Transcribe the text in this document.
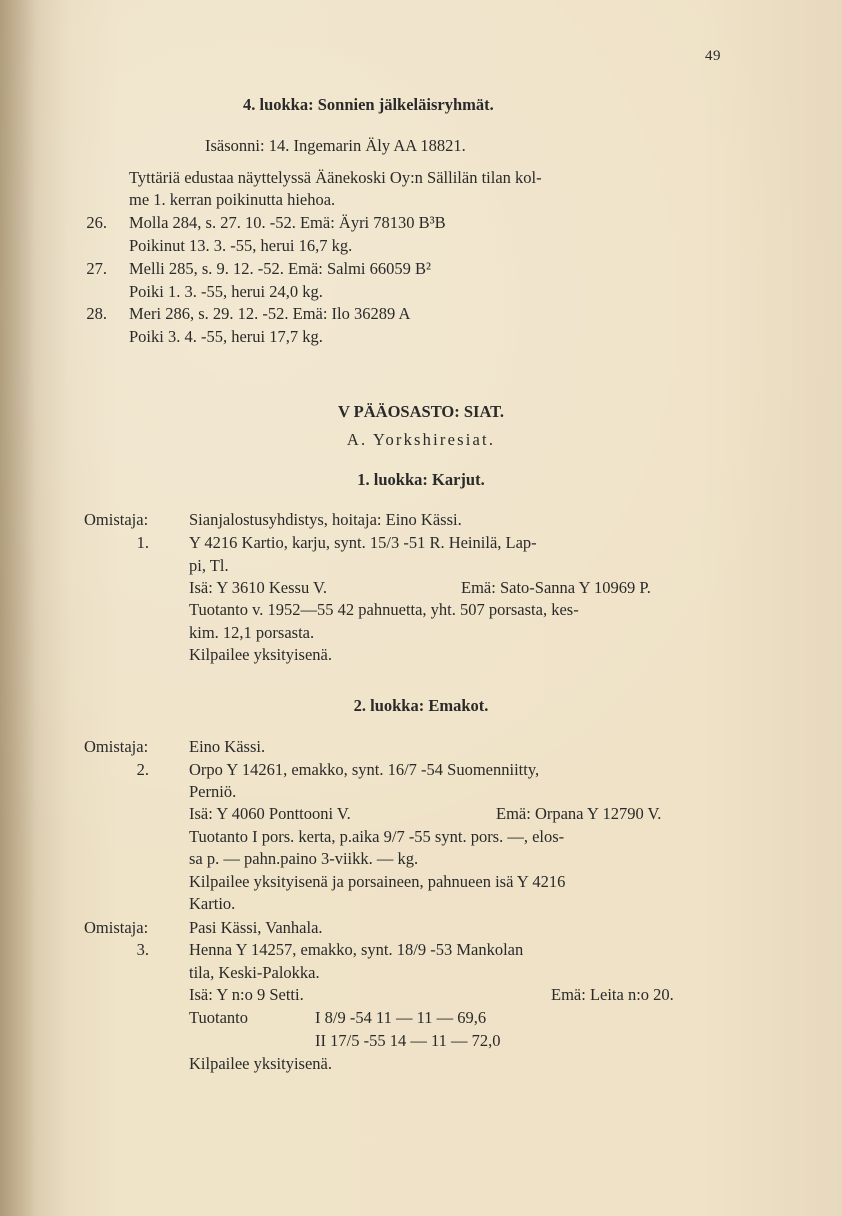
49
4. luokka: Sonnien jälkeläisryhmät.
Isäsonni: 14. Ingemarin Äly AA 18821.
Tyttäriä edustaa näyttelyssä Äänekoski Oy:n Sällilän tilan kol-
me 1. kerran poikinutta hiehoa.
26. Molla 284, s. 27. 10. -52. Emä: Äyri 78130 B³B
Poikinut 13. 3. -55, herui 16,7 kg.
27. Melli 285, s. 9. 12. -52. Emä: Salmi 66059 B²
Poiki 1. 3. -55, herui 24,0 kg.
28. Meri 286, s. 29. 12. -52. Emä: Ilo 36289 A
Poiki 3. 4. -55, herui 17,7 kg.
V PÄÄOSASTO: SIAT.
A. Yorkshiresiat.
1. luokka: Karjut.
Omistaja: Sianjalostusyhdistys, hoitaja: Eino Kässi.
1. Y 4216 Kartio, karju, synt. 15/3 -51 R. Heinilä, Lap-
pi, Tl.
Isä: Y 3610 Kessu V.	Emä: Sato-Sanna Y 10969 P.
Tuotanto v. 1952—55 42 pahnuetta, yht. 507 porsasta, kes-
kim. 12,1 porsasta.
Kilpailee yksityisenä.
2. luokka: Emakot.
Omistaja: Eino Kässi.
2. Orpo Y 14261, emakko, synt. 16/7 -54 Suomenniitty,
Perniö.
Isä: Y 4060 Ponttooni V.	Emä: Orpana Y 12790 V.
Tuotanto I pors. kerta, p.aika 9/7 -55 synt. pors. —, elos-
sa p. — pahn.paino 3-viikk. — kg.
Kilpailee yksityisenä ja porsaineen, pahnueen isä Y 4216
Kartio.
Omistaja: Pasi Kässi, Vanhala.
3. Henna Y 14257, emakko, synt. 18/9 -53 Mankolan
tila, Keski-Palokka.
Isä: Y n:o 9 Setti.	Emä: Leita n:o 20.
Tuotanto	I 8/9 -54 11 — 11 — 69,6
II 17/5 -55 14 — 11 — 72,0
Kilpailee yksityisenä.
